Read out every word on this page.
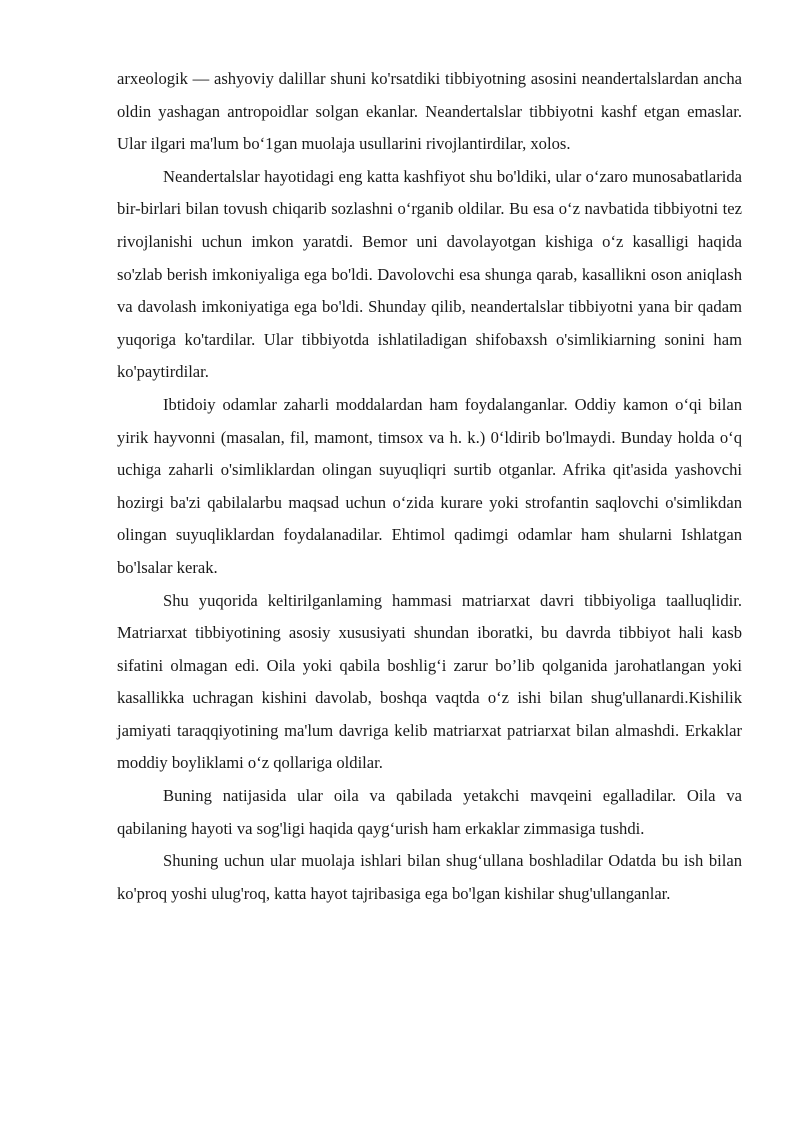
arxeologik — ashyoviy dalillar shuni ko'rsatdiki tibbiyotning asosini neandertalslardan ancha oldin yashagan antropoidlar solgan ekanlar. Neandertalslar tibbiyotni kashf etgan emaslar. Ular ilgari ma'lum bo‘1gan muolaja usullarini rivojlantirdilar, xolos.

Neandertalslar hayotidagi eng katta kashfiyot shu bo'ldiki, ular o‘zaro munosabatlarida bir-birlari bilan tovush chiqarib sozlashni o‘rganib oldilar. Bu esa o‘z navbatida tibbiyotni tez rivojlanishi uchun imkon yaratdi. Bemor uni davolayotgan kishiga o‘z kasalligi haqida so'zlab berish imkoniyaliga ega bo'ldi. Davolovchi esa shunga qarab, kasallikni oson aniqlash va davolash imkoniyatiga ega bo'ldi. Shunday qilib, neandertalslar tibbiyotni yana bir qadam yuqoriga ko'tardilar. Ular tibbiyotda ishlatiladigan shifobaxsh o'simlikiarning sonini ham ko'paytirdilar.

Ibtidoiy odamlar zaharli moddalardan ham foydalanganlar. Oddiy kamon o‘qi bilan yirik hayvonni (masalan, fil, mamont, timsox va h. k.) 0‘ldirib bo'lmaydi. Bunday holda o‘q uchiga zaharli o'simliklardan olingan suyuqliqri surtib otganlar. Afrika qit'asida yashovchi hozirgi ba'zi qabilalarbu maqsad uchun o‘zida kurare yoki strofantin saqlovchi o'simlikdan olingan suyuqliklardan foydalanadilar. Ehtimol qadimgi odamlar ham shularni Ishlatgan bo'lsalar kerak.

Shu yuqorida keltirilganlaming hammasi matriarxat davri tibbiyoliga taalluqlidir. Matriarxat tibbiyotining asosiy xususiyati shundan iboratki, bu davrda tibbiyot hali kasb sifatini olmagan edi. Oila yoki qabila boshlig‘i zarur bo’lib qolganida jarohatlangan yoki kasallikka uchragan kishini davolab, boshqa vaqtda o‘z ishi bilan shug'ullanardi.Kishilik jamiyati taraqqiyotining ma'lum davriga kelib matriarxat patriarxat bilan almashdi. Erkaklar moddiy boyliklami o‘z qollariga oldilar.

Buning natijasida ular oila va qabilada yetakchi mavqeini egalladilar. Oila va qabilaning hayoti va sog'ligi haqida qayg‘urish ham erkaklar zimmasiga tushdi.

Shuning uchun ular muolaja ishlari bilan shug‘ullana boshladilar Odatda bu ish bilan ko'proq yoshi ulug'roq, katta hayot tajribasiga ega bo'lgan kishilar shug'ullanganlar.
